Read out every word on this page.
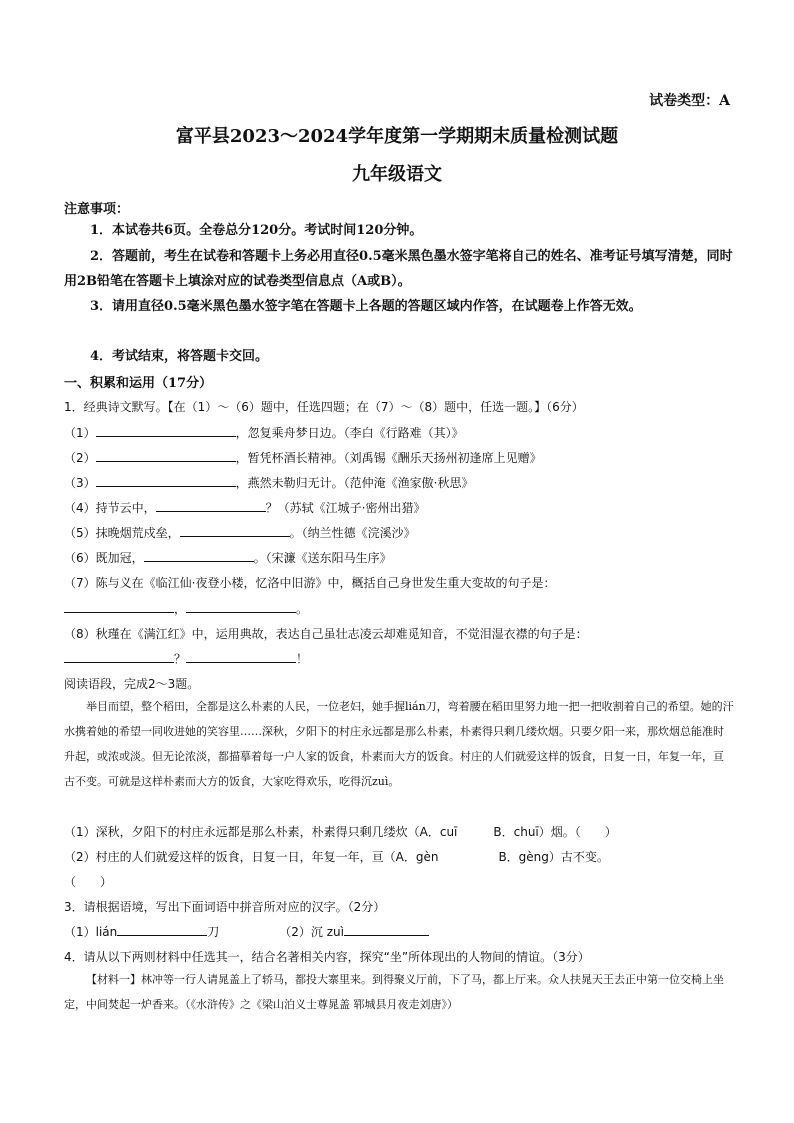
试卷类型：A
富平县2023～2024学年度第一学期期末质量检测试题
九年级语文
注意事项：
1．本试卷共6页。全卷总分120分。考试时间120分钟。
2．答题前，考生在试卷和答题卡上务必用直径0.5毫米黑色墨水签字笔将自己的姓名、准考证号填写清楚，同时用2B铅笔在答题卡上填涂对应的试卷类型信息点（A或B）。
3．请用直径0.5毫米黑色墨水签字笔在答题卡上各题的答题区域内作答，在试题卷上作答无效。
4．考试结束，将答题卡交回。
一、积累和运用（17分）
1．经典诗文默写。【在（1）～（6）题中，任选四题；在（7）～（8）题中，任选一题。】（6分）
（1）	，忽复乘舟梦日边。（李白《行路难（其）》
（2）	，暂凭杯酒长精神。（刘禹锡《酬乐天扬州初逢席上见赠》
（3）	，燕然未勒归无计。（范仲淹《渔家傲·秋思》
（4）持节云中，	？（苏轼《江城子·密州出猎》
（5）抹晚烟荒戍垒，	。（纳兰性德《浣溪沙》
（6）既加冠，	。（宋濂《送东阳马生序》
（7）陈与义在《临江仙·夜登小楼，忆洛中旧游》中，概括自己身世发生重大变故的句子是：
，	。
（8）秋瑾在《满江红》中，运用典故，表达自己虽壮志凌云却难觅知音，不觉泪湿衣襟的句子是：
？	！
阅读语段，完成2～3题。
举目而望，整个稻田，全都是这么朴素的人民，一位老妇，她手握lián刀，弯着腰在稻田里努力地一把一把收割着自己的希望。她的汗水携着她的希望一同收进她的笑容里……深秋，夕阳下的村庄永远都是那么朴素，朴素得只剩几缕炊烟。只要夕阳一来，那炊烟总能准时升起，或浓或淡。但无论浓淡，都描摹着每一户人家的饭食，朴素而大方的饭食。村庄的人们就爱这样的饭食，日复一日，年复一年，亘古不变。可就是这样朴素而大方的饭食，大家吃得欢乐，吃得沉zuì。
（1）深秋，夕阳下的村庄永远都是那么朴素，朴素得只剩几缕炊（A．cuī　　　B．chuī）烟。（　　）
（2）村庄的人们就爱这样的饭食，日复一日，年复一年，亘（A．gèn　　　　　B．gèng）古不变。
（　　）
3．请根据语境，写出下面词语中拼音所对应的汉字。（2分）
（1）lián	刀	（2）沉 zuì
4．请从以下两则材料中任选其一，结合名著相关内容，探究“坐”所体现出的人物间的情谊。（3分）
【材料一】林冲等一行人请晁盖上了轿马，都投大寨里来。到得聚义厅前，下了马，都上厅来。众人扶晁天王去正中第一位交椅上坐定，中间焚起一炉香来。（《水浒传》之《梁山泊义士尊晁盖 郓城县月夜走刘唐》）
